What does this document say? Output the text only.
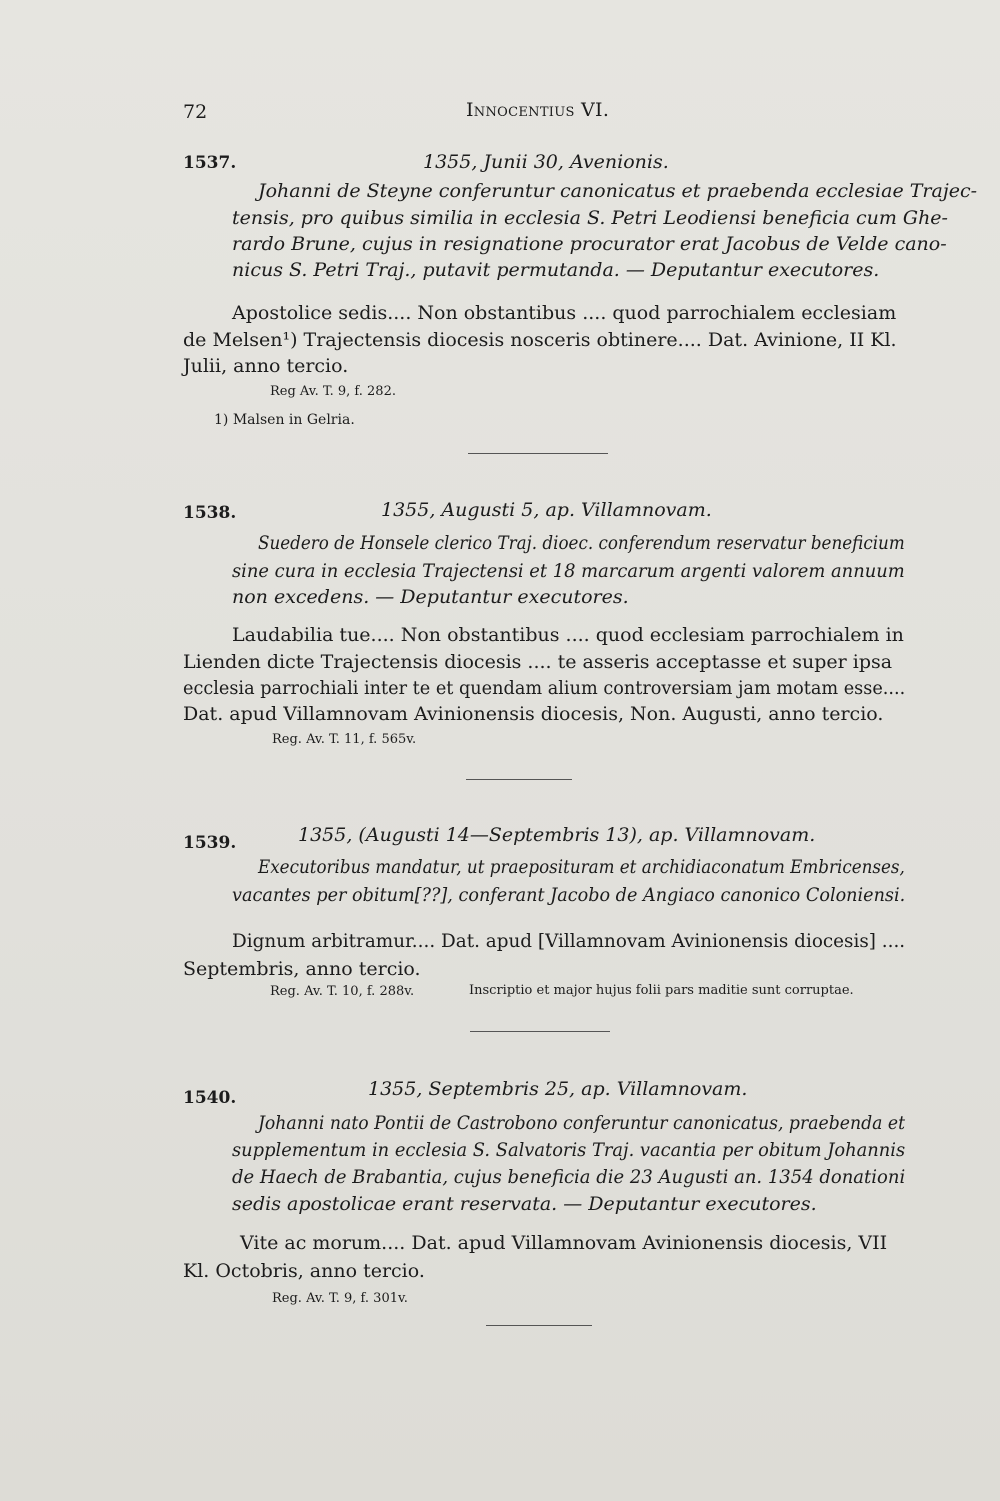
72	Innocentius VI.
1537.	1355, Junii 30, Avenionis.
Johanni de Steyne conferuntur canonicatus et praebenda ecclesiae Trajec-
tensis, pro quibus similia in ecclesia S. Petri Leodiensi beneficia cum Ghe-
rardo Brune, cujus in resignatione procurator erat Jacobus de Velde cano-
nicus S. Petri Traj., putavit permutanda. — Deputantur executores.
Apostolice sedis.... Non obstantibus .... quod parrochialem ecclesiam
de Melsen¹) Trajectensis diocesis nosceris obtinere.... Dat. Avinione, II Kl.
Julii, anno tercio.
Reg Av. T. 9, f. 282.
1) Malsen in Gelria.
1538.	1355, Augusti 5, ap. Villamnovam.
Suedero de Honsele clerico Traj. dioec. conferendum reservatur beneficium
sine cura in ecclesia Trajectensi et 18 marcarum argenti valorem annuum
non excedens. — Deputantur executores.
Laudabilia tue.... Non obstantibus .... quod ecclesiam parrochialem in
Lienden dicte Trajectensis diocesis .... te asseris acceptasse et super ipsa
ecclesia parrochiali inter te et quendam alium controversiam jam motam esse....
Dat. apud Villamnovam Avinionensis diocesis, Non. Augusti, anno tercio.
Reg. Av. T. 11, f. 565v.
1539.	1355, (Augusti 14—Septembris 13), ap. Villamnovam.
Executoribus mandatur, ut praeposituram et archidiaconatum Embricenses,
vacantes per obitum[??], conferant Jacobo de Angiaco canonico Coloniensi.
Dignum arbitramur.... Dat. apud [Villamnovam Avinionensis diocesis] ....
Septembris, anno tercio.
Reg. Av. T. 10, f. 288v.	Inscriptio et major hujus folii pars maditie sunt corruptae.
1540.	1355, Septembris 25, ap. Villamnovam.
Johanni nato Pontii de Castrobono conferuntur canonicatus, praebenda et
supplementum in ecclesia S. Salvatoris Traj. vacantia per obitum Johannis
de Haech de Brabantia, cujus beneficia die 23 Augusti an. 1354 donationi
sedis apostolicae erant reservata. — Deputantur executores.
Vite ac morum.... Dat. apud Villamnovam Avinionensis diocesis, VII
Kl. Octobris, anno tercio.
Reg. Av. T. 9, f. 301v.
